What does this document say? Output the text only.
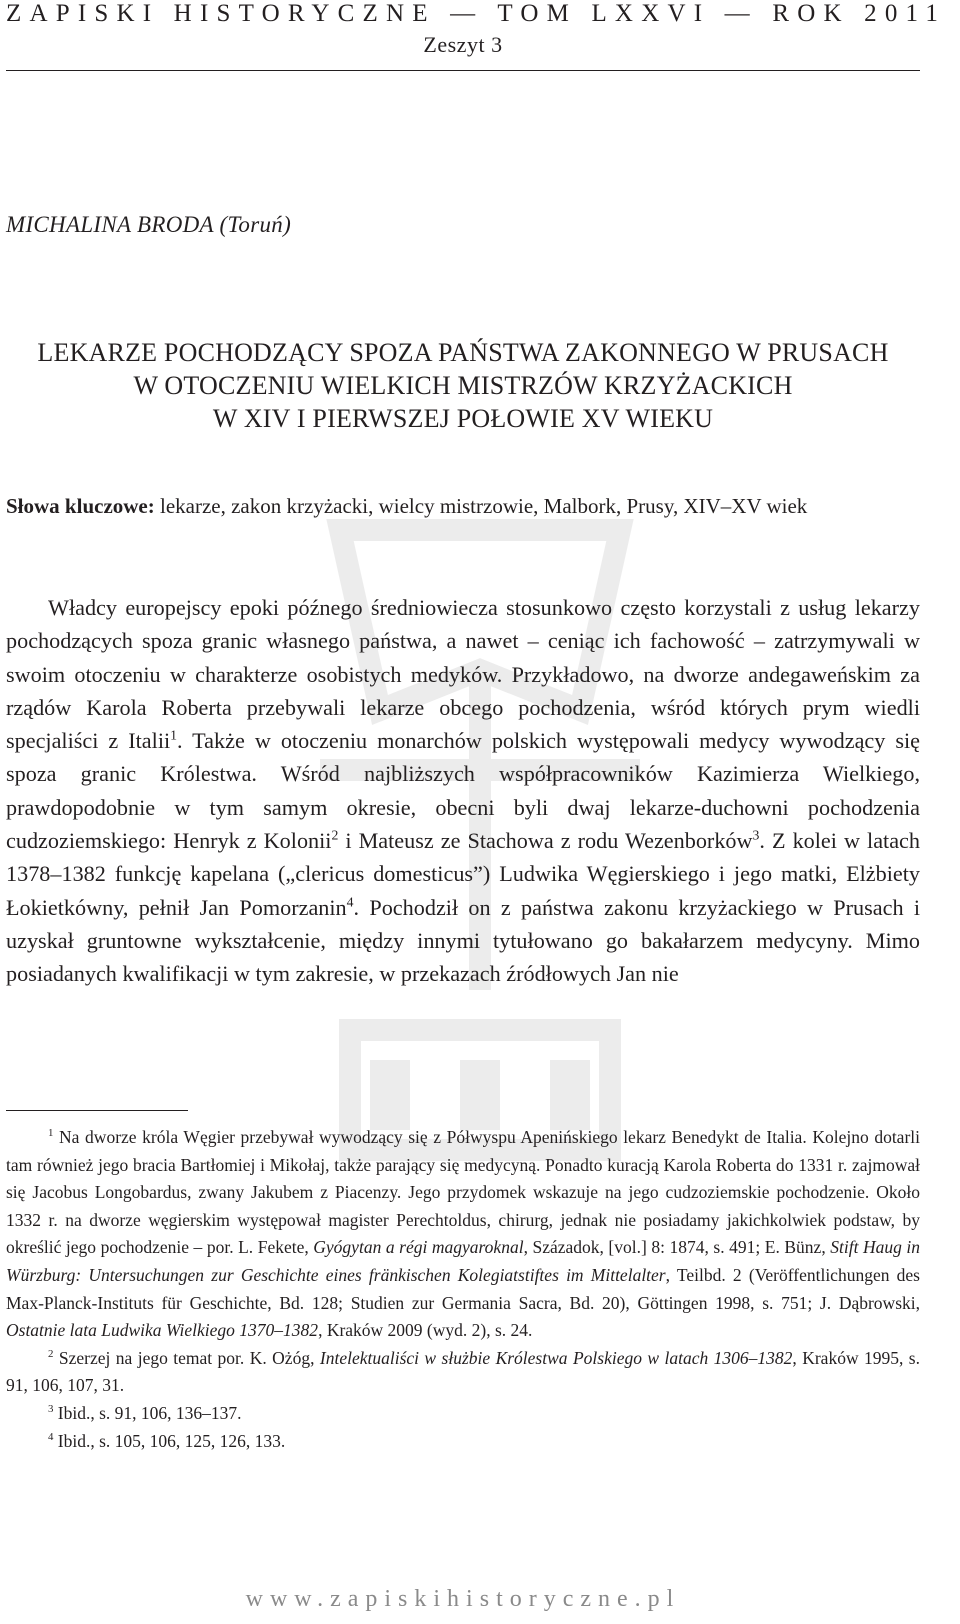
ZAPISKI HISTORYCZNE — TOM LXXVI — ROK 2011
Zeszyt 3
MICHALINA BRODA (Toruń)
LEKARZE POCHODZĄCY SPOZA PAŃSTWA ZAKONNEGO W PRUSACH
W OTOCZENIU WIELKICH MISTRZÓW KRZYŻACKICH
W XIV I PIERWSZEJ POŁOWIE XV WIEKU
Słowa kluczowe: lekarze, zakon krzyżacki, wielcy mistrzowie, Malbork, Prusy, XIV–XV wiek

Władcy europejscy epoki późnego średniowiecza stosunkowo często korzystali z usług lekarzy pochodzących spoza granic własnego państwa, a nawet – ceniąc ich fachowość – zatrzymywali w swoim otoczeniu w charakterze osobistych medyków. Przykładowo, na dworze andegaweńskim za rządów Karola Roberta przebywali lekarze obcego pochodzenia, wśród których prym wiedli specjaliści z Italii$^1$. Także w otoczeniu monarchów polskich występowali medycy wywodzący się spoza granic Królestwa. Wśród najbliższych współpracowników Kazimierza Wielkiego, prawdopodobnie w tym samym okresie, obecni byli dwaj lekarze-duchowni pochodzenia cudzoziemskiego: Henryk z Kolonii$^2$ i Mateusz ze Stachowa z rodu Wezenborków$^3$. Z kolei w latach 1378–1382 funkcję kapelana („clericus domesticus”) Ludwika Węgierskiego i jego matki, Elżbiety Łokietkówny, pełnił Jan Pomorzanin$^4$. Pochodził on z państwa zakonu krzyżackiego w Prusach i uzyskał gruntowne wykształcenie, między innymi tytułowano go bakałarzem medycyny. Mimo posiadanych kwalifikacji w tym zakresie, w przekazach źródłowych Jan nie

$^1$ Na dworze króla Węgier przebywał wywodzący się z Półwyspu Apenińskiego lekarz Benedykt de Italia. Kolejno dotarli tam również jego bracia Bartłomiej i Mikołaj, także parający się medycyną. Ponadto kuracją Karola Roberta do 1331 r. zajmował się Jacobus Longobardus, zwany Jakubem z Piacenzy. Jego przydomek wskazuje na jego cudzoziemskie pochodzenie. Około 1332 r. na dworze węgierskim występował magister Perechtoldus, chirurg, jednak nie posiadamy jakichkolwiek podstaw, by określić jego pochodzenie – por. L. Fekete, Gyógytan a régi magyaroknal, Századok, [vol.] 8: 1874, s. 491; E. Bünz, Stift Haug in Würzburg: Untersuchungen zur Geschichte eines fränkischen Kolegiatstiftes im Mittelalter, Teilbd. 2 (Veröffentlichungen des Max-Planck-Instituts für Geschichte, Bd. 128; Studien zur Germania Sacra, Bd. 20), Göttingen 1998, s. 751; J. Dąbrowski, Ostatnie lata Ludwika Wielkiego 1370–1382, Kraków 2009 (wyd. 2), s. 24.

$^2$ Szerzej na jego temat por. K. Ożóg, Intelektualiści w służbie Królestwa Polskiego w latach 1306–1382, Kraków 1995, s. 91, 106, 107, 31.

$^3$ Ibid., s. 91, 106, 136–137.

$^4$ Ibid., s. 105, 106, 125, 126, 133.

www.zapiskihistoryczne.pl
